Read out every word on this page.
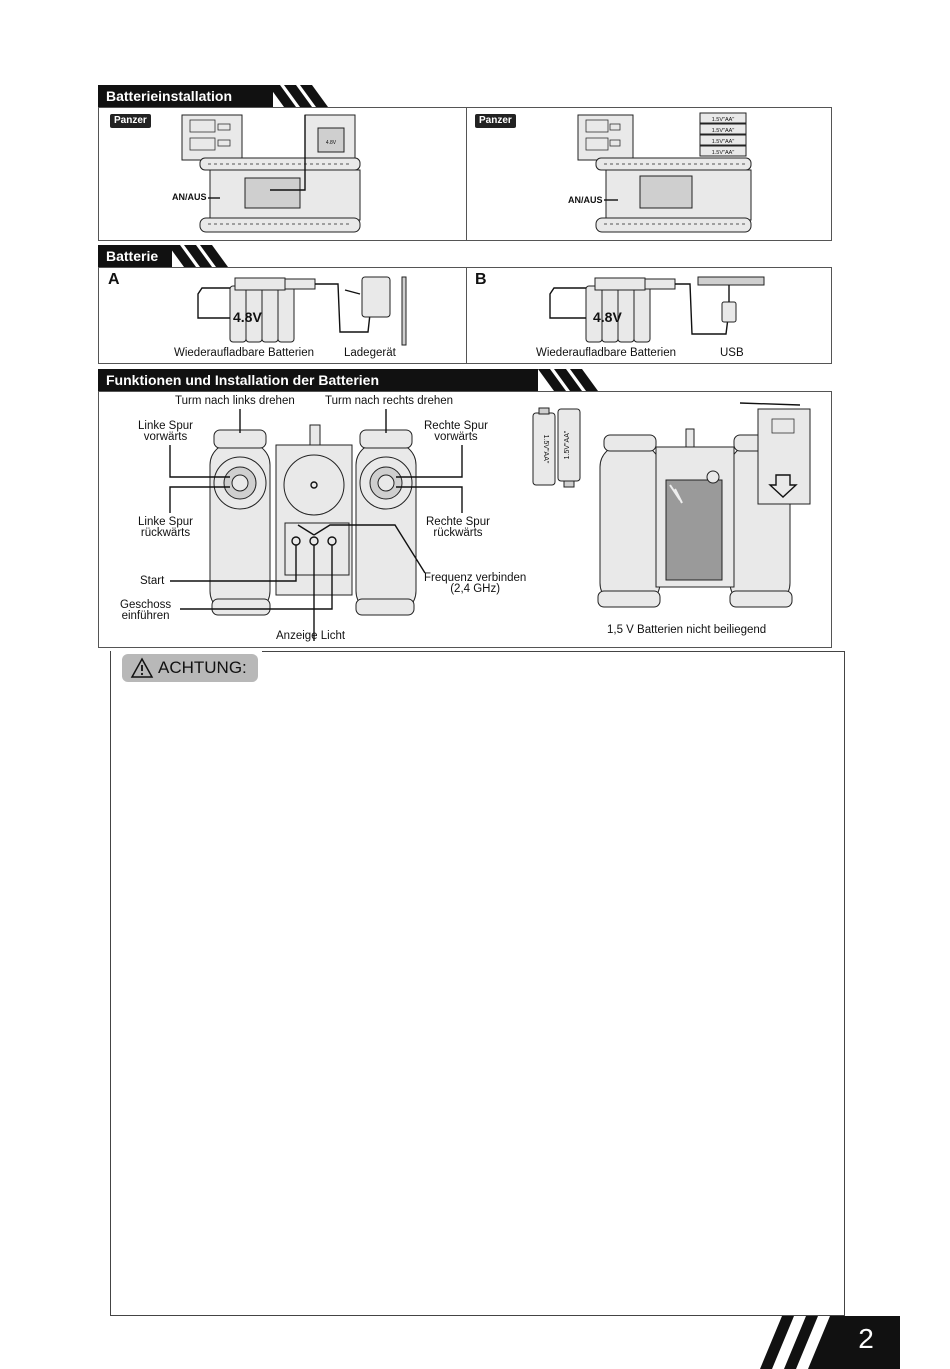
Batterieinstallation
Panzer	Panzer
4.8V
AN/AUS
1.5V"AA"
1.5V"AA"
1.5V"AA"
1.5V"AA"
AN/AUS
Batterie
A	B
4.8V
Wiederaufladbare Batterien	Ladegerät
4.8V
Wiederaufladbare Batterien	USB
Funktionen und Installation der Batterien
Turm nach links drehen	Turm nach rechts drehen
Linke Spur
vorwärts
Rechte Spur
vorwärts
Linke Spur
rückwärts
Rechte Spur
rückwärts
Start	Frequenz verbinden
(2,4 GHz)
Geschoss
einführen
Anzeige Licht
1.5V"AA" 1.5V"AA"
1,5 V Batterien nicht beiliegend
ACHTUNG:
2
